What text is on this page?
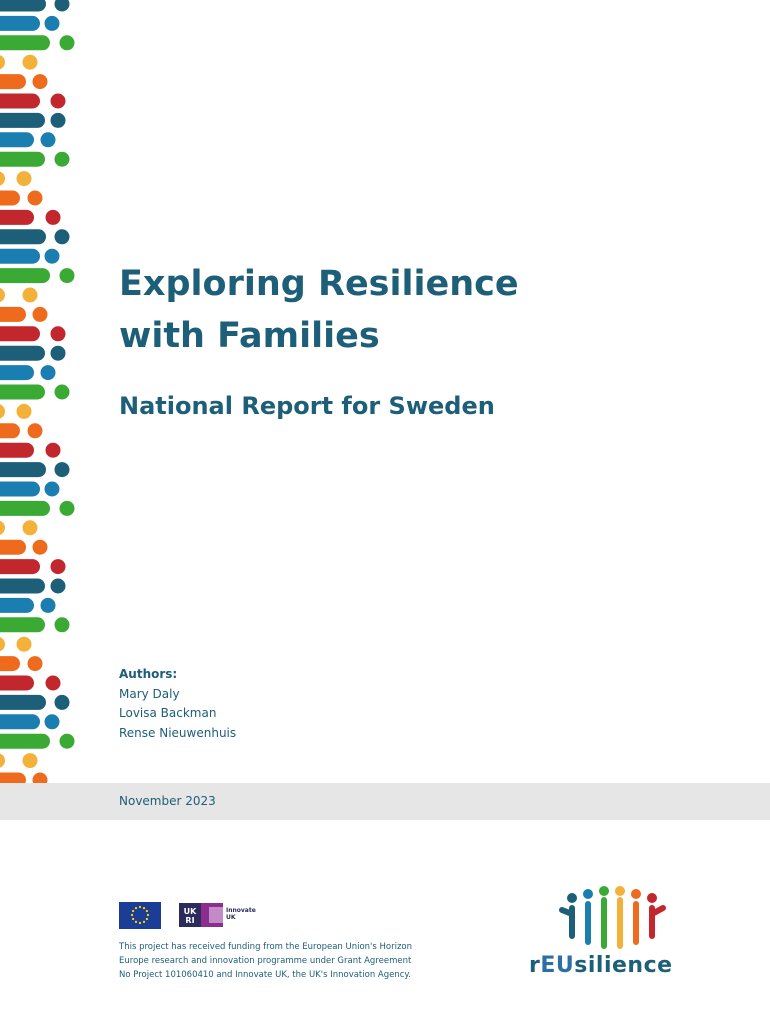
Exploring Resilience
with Families
National Report for Sweden
Authors:
Mary Daly
Lovisa Backman
Rense Nieuwenhuis
November 2023
UK
RI
Innovate
UK
This project has received funding from the European Union's Horizon
Europe research and innovation programme under Grant Agreement
No Project 101060410 and Innovate UK, the UK's Innovation Agency.	rEUsilience
